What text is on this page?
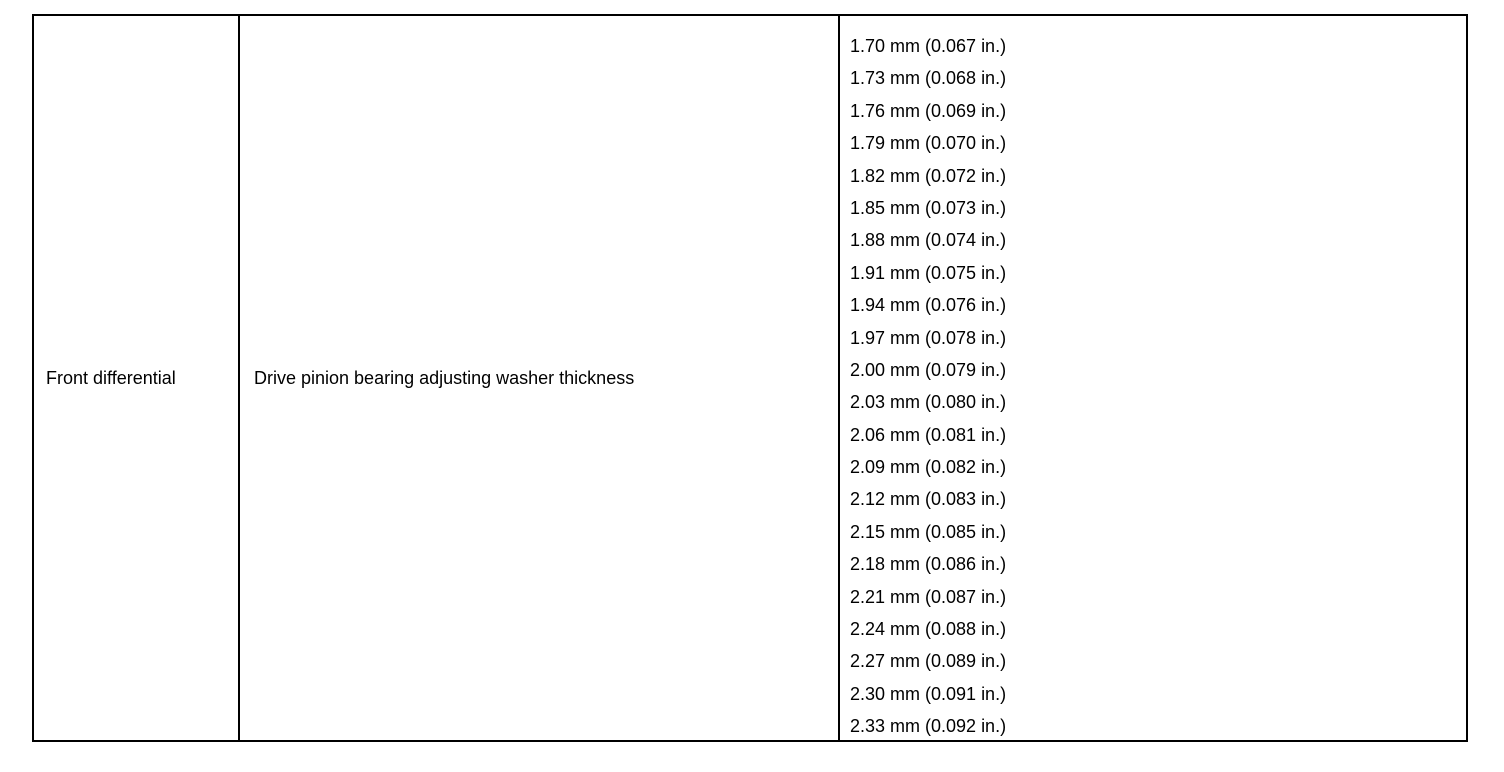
Front differential	Drive pinion bearing adjusting washer thickness
1.70 mm (0.067 in.)
1.73 mm (0.068 in.)
1.76 mm (0.069 in.)
1.79 mm (0.070 in.)
1.82 mm (0.072 in.)
1.85 mm (0.073 in.)
1.88 mm (0.074 in.)
1.91 mm (0.075 in.)
1.94 mm (0.076 in.)
1.97 mm (0.078 in.)
2.00 mm (0.079 in.)
2.03 mm (0.080 in.)
2.06 mm (0.081 in.)
2.09 mm (0.082 in.)
2.12 mm (0.083 in.)
2.15 mm (0.085 in.)
2.18 mm (0.086 in.)
2.21 mm (0.087 in.)
2.24 mm (0.088 in.)
2.27 mm (0.089 in.)
2.30 mm (0.091 in.)
2.33 mm (0.092 in.)
